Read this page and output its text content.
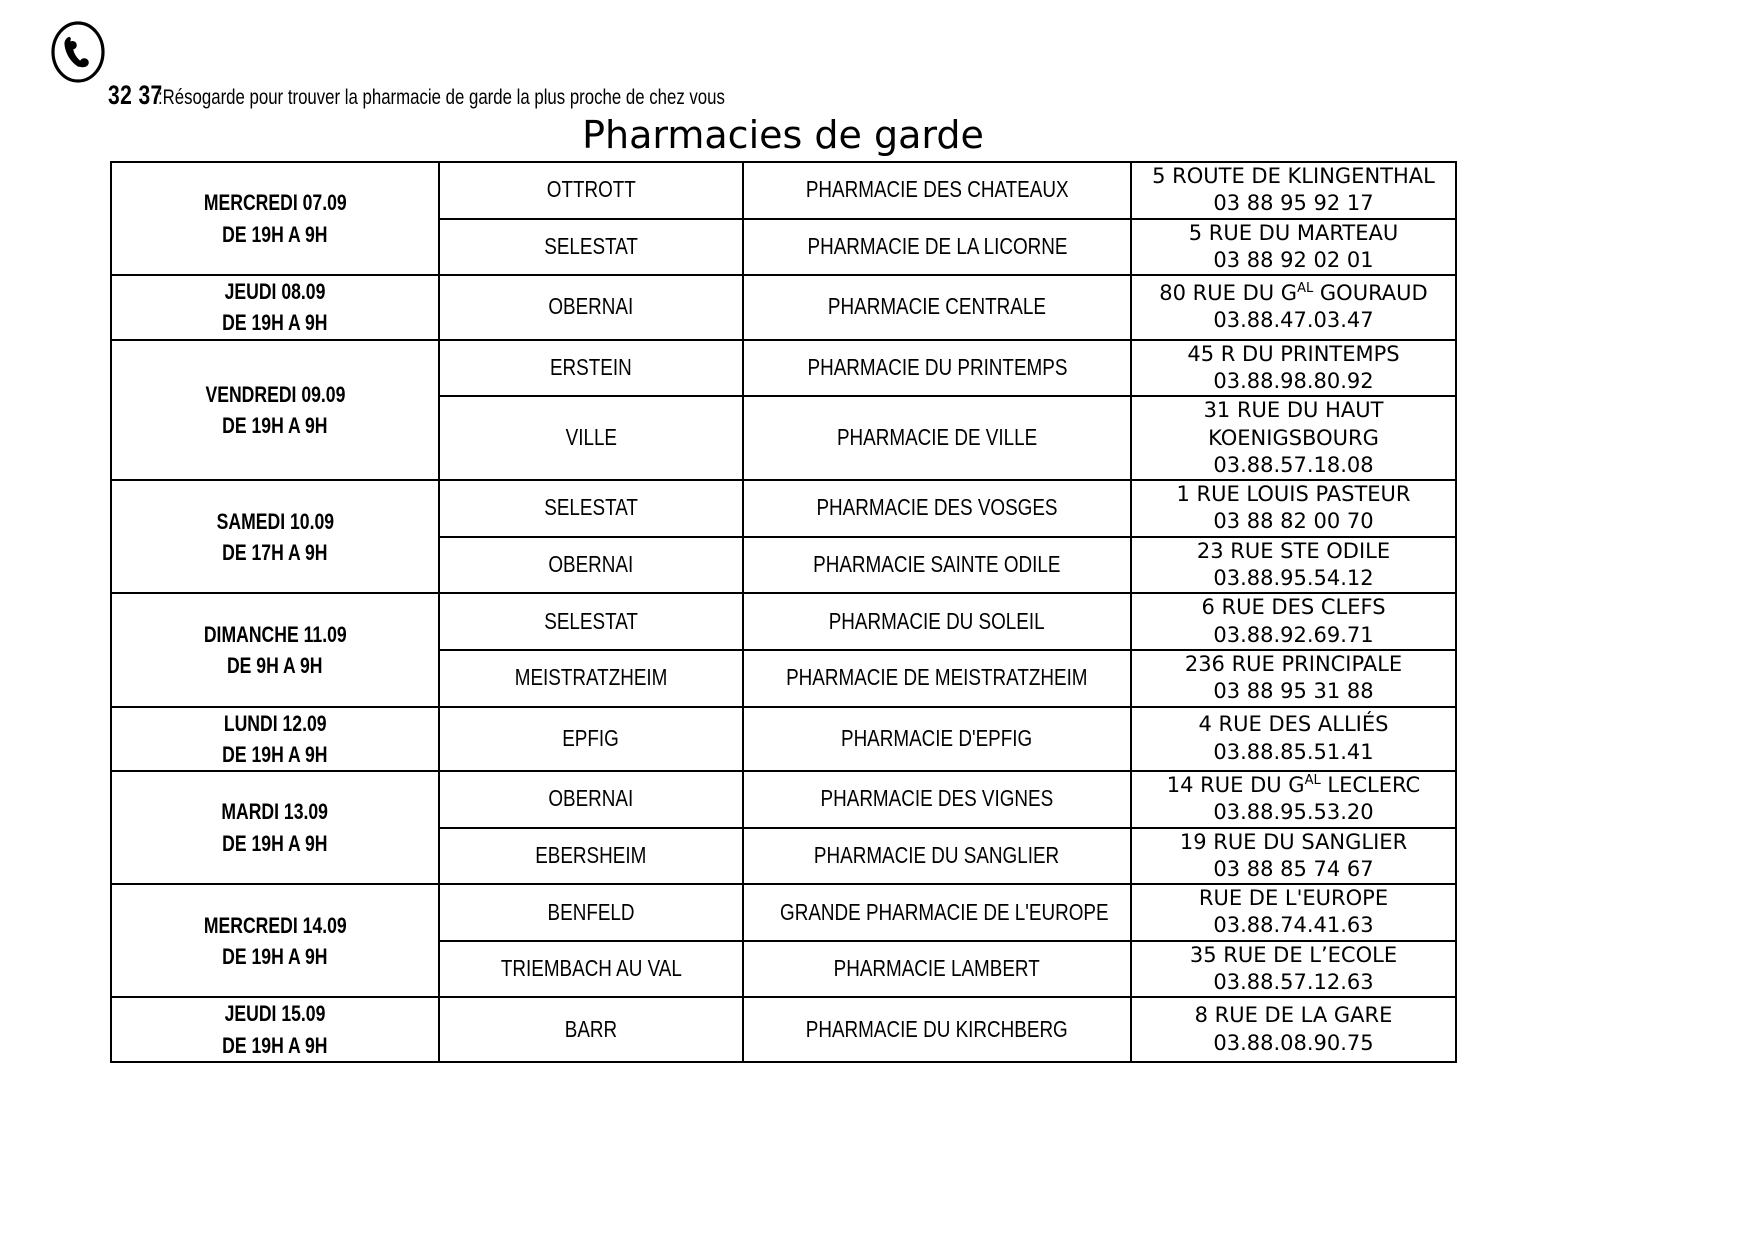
32 37:Résogarde pour trouver la pharmacie de garde la plus proche de chez vous
Pharmacies de garde
MERCREDI 07.09
DE 19H A 9H	OTTROTT	PHARMACIE DES CHATEAUX	5 ROUTE DE KLINGENTHAL
03 88 95 92 17

	SELESTAT	PHARMACIE DE LA LICORNE	5 RUE DU MARTEAU
03 88 92 02 01

JEUDI 08.09
DE 19H A 9H	OBERNAI	PHARMACIE CENTRALE	80 RUE DU $G^{AL}$ GOURAUD
03.88.47.03.47

VENDREDI 09.09
DE 19H A 9H	ERSTEIN	PHARMACIE DU PRINTEMPS	45 R DU PRINTEMPS
03.88.98.80.92

	VILLE	PHARMACIE DE VILLE	31 RUE DU HAUT
KOENIGSBOURG
03.88.57.18.08

SAMEDI 10.09
DE 17H A 9H	SELESTAT	PHARMACIE DES VOSGES	1 RUE LOUIS PASTEUR
03 88 82 00 70

	OBERNAI	PHARMACIE SAINTE ODILE	23 RUE STE ODILE
03.88.95.54.12

DIMANCHE 11.09
DE 9H A 9H	SELESTAT	PHARMACIE DU SOLEIL	6 RUE DES CLEFS
03.88.92.69.71

	MEISTRATZHEIM	PHARMACIE DE MEISTRATZHEIM	236 RUE PRINCIPALE
03 88 95 31 88

LUNDI 12.09
DE 19H A 9H	EPFIG	PHARMACIE D'EPFIG	4 RUE DES ALLIÉS
03.88.85.51.41

MARDI 13.09
DE 19H A 9H	OBERNAI	PHARMACIE DES VIGNES	14 RUE DU $G^{AL}$ LECLERC
03.88.95.53.20

	EBERSHEIM	PHARMACIE DU SANGLIER	19 RUE DU SANGLIER
03 88 85 74 67

MERCREDI 14.09
DE 19H A 9H	BENFELD	GRANDE PHARMACIE DE L'EUROPE	RUE DE L'EUROPE
03.88.74.41.63

	TRIEMBACH AU VAL	PHARMACIE LAMBERT	35 RUE DE L’ECOLE
03.88.57.12.63

JEUDI 15.09
DE 19H A 9H	BARR	PHARMACIE DU KIRCHBERG	8 RUE DE LA GARE
03.88.08.90.75
